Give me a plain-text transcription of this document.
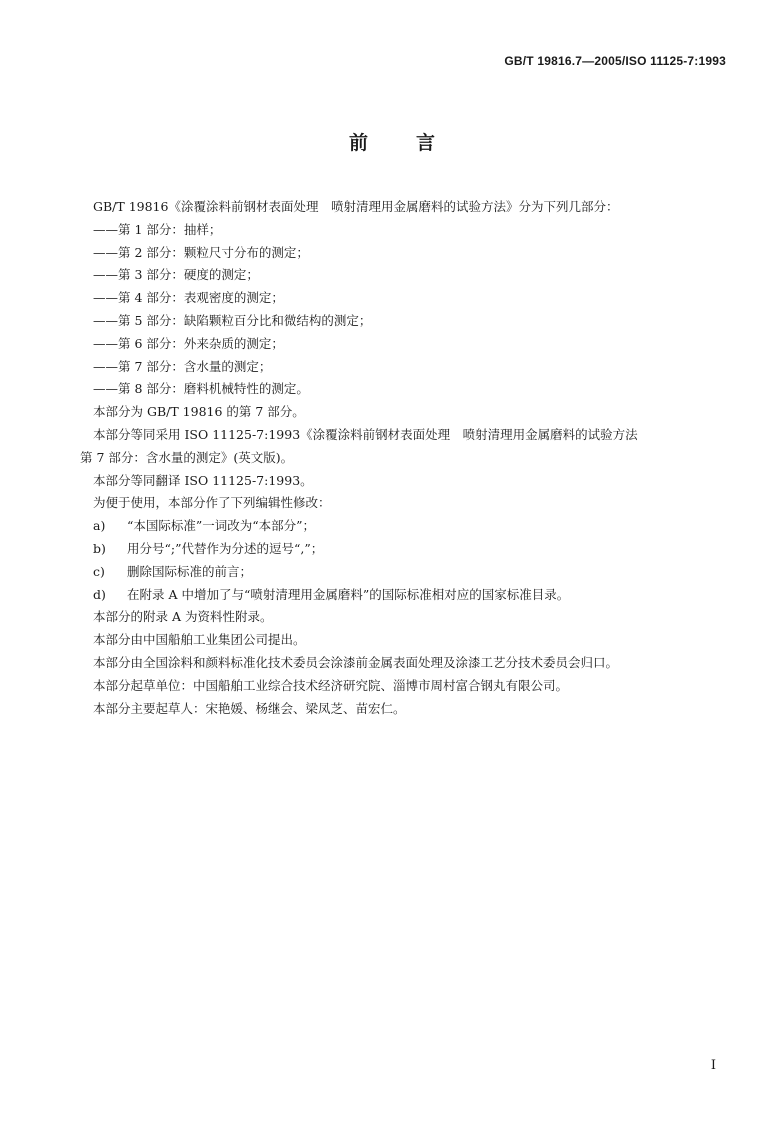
GB/T 19816.7—2005/ISO 11125-7:1993
前言

GB/T 19816《涂覆涂料前钢材表面处理　喷射清理用金属磨料的试验方法》分为下列几部分：

——第 1 部分：抽样；

——第 2 部分：颗粒尺寸分布的测定；

——第 3 部分：硬度的测定；

——第 4 部分：表观密度的测定；

——第 5 部分：缺陷颗粒百分比和微结构的测定；

——第 6 部分：外来杂质的测定；

——第 7 部分：含水量的测定；

——第 8 部分：磨料机械特性的测定。

本部分为 GB/T 19816 的第 7 部分。

本部分等同采用 ISO 11125-7:1993《涂覆涂料前钢材表面处理　喷射清理用金属磨料的试验方法

第 7 部分：含水量的测定》(英文版)。

本部分等同翻译 ISO 11125-7:1993。

为便于使用，本部分作了下列编辑性修改：

a) “本国际标准”一词改为“本部分”；

b) 用分号“;”代替作为分述的逗号“,”；

c) 删除国际标准的前言；

d) 在附录 A 中增加了与“喷射清理用金属磨料”的国际标准相对应的国家标准目录。

本部分的附录 A 为资料性附录。

本部分由中国船舶工业集团公司提出。

本部分由全国涂料和颜料标准化技术委员会涂漆前金属表面处理及涂漆工艺分技术委员会归口。

本部分起草单位：中国船舶工业综合技术经济研究院、淄博市周村富合钢丸有限公司。

本部分主要起草人：宋艳媛、杨继会、梁凤芝、苗宏仁。

I
